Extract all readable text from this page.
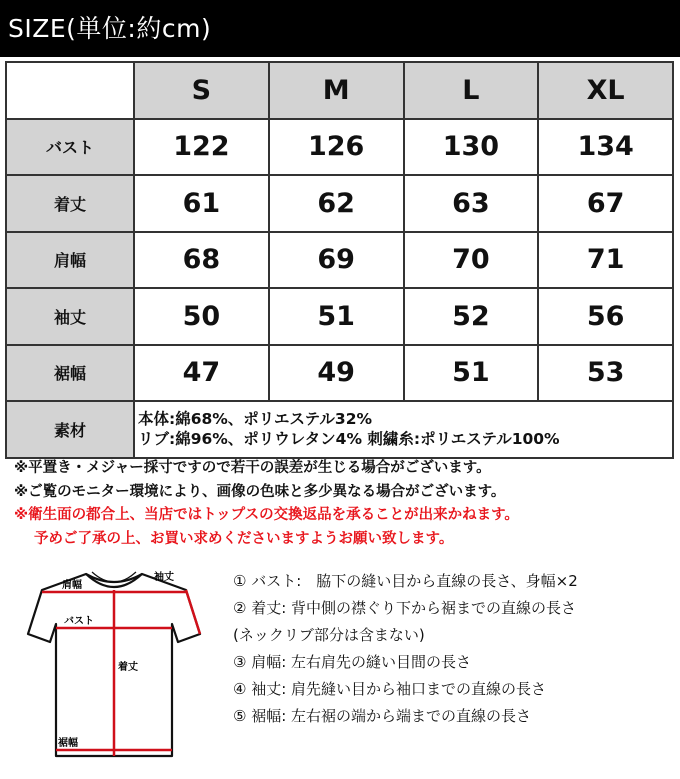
SIZE(単位:約cm)
	S	M	L	XL
バスト	122	126	130	134
着丈	61	62	63	67
肩幅	68	69	70	71
袖丈	50	51	52	56
裾幅	47	49	51	53
素材	本体:綿68%、ポリエステル32%
リブ:綿96%、ポリウレタン4% 刺繍糸:ポリエステル100%			
※平置き・メジャー採寸ですので若干の誤差が生じる場合がございます。
※ご覧のモニター環境により、画像の色味と多少異なる場合がございます。
※衛生面の都合上、当店ではトップスの交換返品を承ることが出来かねます。
予めご了承の上、お買い求めくださいますようお願い致します。
袖丈
肩幅
バスト
着丈
裾幅
① バスト:　脇下の縫い目から直線の長さ、身幅×2
② 着丈: 背中側の襟ぐり下から裾までの直線の長さ
(ネックリブ部分は含まない)
③ 肩幅: 左右肩先の縫い目間の長さ
④ 袖丈: 肩先縫い目から袖口までの直線の長さ
⑤ 裾幅: 左右裾の端から端までの直線の長さ
